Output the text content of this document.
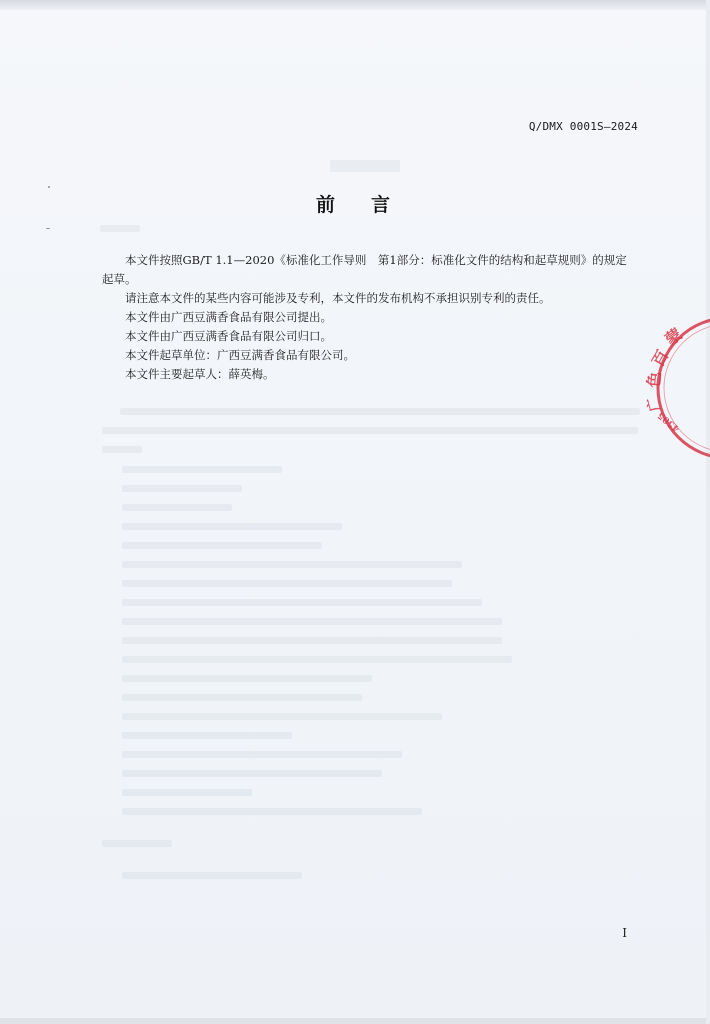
Q/DMX 0001S—2024
前言

本文件按照GB/T 1.1—2020《标准化工作导则　第1部分：标准化文件的结构和起草规则》的规定起草。

请注意本文件的某些内容可能涉及专利，本文件的发布机构不承担识别专利的责任。

本文件由广西豆满香食品有限公司提出。

本文件由广西豆满香食品有限公司归口。

本文件起草单位：广西豆满香食品有限公司。

本文件主要起草人：薛英梅。

蒙
百
色
广
4505
I
